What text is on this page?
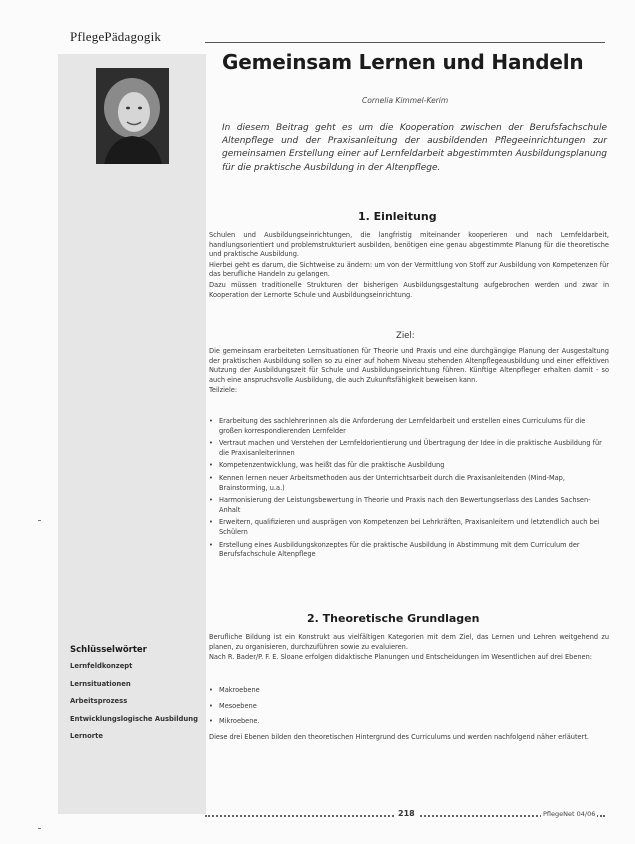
PflegePädagogik
Gemeinsam Lernen und Handeln
Cornelia Kimmel-Kerim
In diesem Beitrag geht es um die Kooperation zwischen der Berufsfachschule Altenpflege und der Praxisanleitung der ausbildenden Pflegeeinrichtungen zur gemeinsamen Erstellung einer auf Lernfeldarbeit abgestimmten Ausbildungsplanung für die praktische Ausbildung in der Altenpflege.
1. Einleitung

Schulen und Ausbildungseinrichtungen, die langfristig miteinander kooperieren und nach Lernfeldarbeit, handlungsorientiert und problemstrukturiert ausbilden, benötigen eine genau abgestimmte Planung für die theoretische und praktische Ausbildung.

Hierbei geht es darum, die Sichtweise zu ändern: um von der Vermittlung von Stoff zur Ausbildung von Kompetenzen für das berufliche Handeln zu gelangen.

Dazu müssen traditionelle Strukturen der bisherigen Ausbildungsgestaltung aufgebrochen werden und zwar in Kooperation der Lernorte Schule und Ausbildungseinrichtung.

Ziel:

Die gemeinsam erarbeiteten Lernsituationen für Theorie und Praxis und eine durchgängige Planung der Ausgestaltung der praktischen Ausbildung sollen so zu einer auf hohem Niveau stehenden Altenpflegeausbildung und einer effektiven Nutzung der Ausbildungszeit für Schule und Ausbildungseinrichtung führen. Künftige Altenpfleger erhalten damit - so auch eine anspruchsvolle Ausbildung, die auch Zukunftsfähigkeit beweisen kann.

Teilziele:

• Erarbeitung des sachlehrerinnen als die Anforderung der Lernfeldarbeit und erstellen eines Curriculums für die großen korrespondierenden Lernfelder
• Vertraut machen und Verstehen der Lernfeldorientierung und Übertragung der Idee in die praktische Ausbildung für die Praxisanleiterinnen
• Kompetenzentwicklung, was heißt das für die praktische Ausbildung
• Kennen lernen neuer Arbeitsmethoden aus der Unterrichtsarbeit durch die Praxisanleitenden (Mind-Map, Brainstorming, u.a.)
• Harmonisierung der Leistungsbewertung in Theorie und Praxis nach den Bewertungserlass des Landes Sachsen-Anhalt
• Erweitern, qualifizieren und ausprägen von Kompetenzen bei Lehrkräften, Praxisanleitern und letztendlich auch bei Schülern
• Erstellung eines Ausbildungskonzeptes für die praktische Ausbildung in Abstimmung mit dem Curriculum der Berufsfachschule Altenpflege
2. Theoretische Grundlagen

Berufliche Bildung ist ein Konstrukt aus vielfältigen Kategorien mit dem Ziel, das Lernen und Lehren weitgehend zu planen, zu organisieren, durchzuführen sowie zu evaluieren.

Nach R. Bader/P. F. E. Sloane erfolgen didaktische Planungen und Entscheidungen im Wesentlichen auf drei Ebenen:

• Makroebene
• Mesoebene
• Mikroebene.
Diese drei Ebenen bilden den theoretischen Hintergrund des Curriculums und werden nachfolgend näher erläutert.
Schlüsselwörter
Lernfeldkonzept
Lernsituationen
Arbeitsprozess
Entwicklungslogische Ausbildung
Lernorte
218	PflegeNet 04/06
